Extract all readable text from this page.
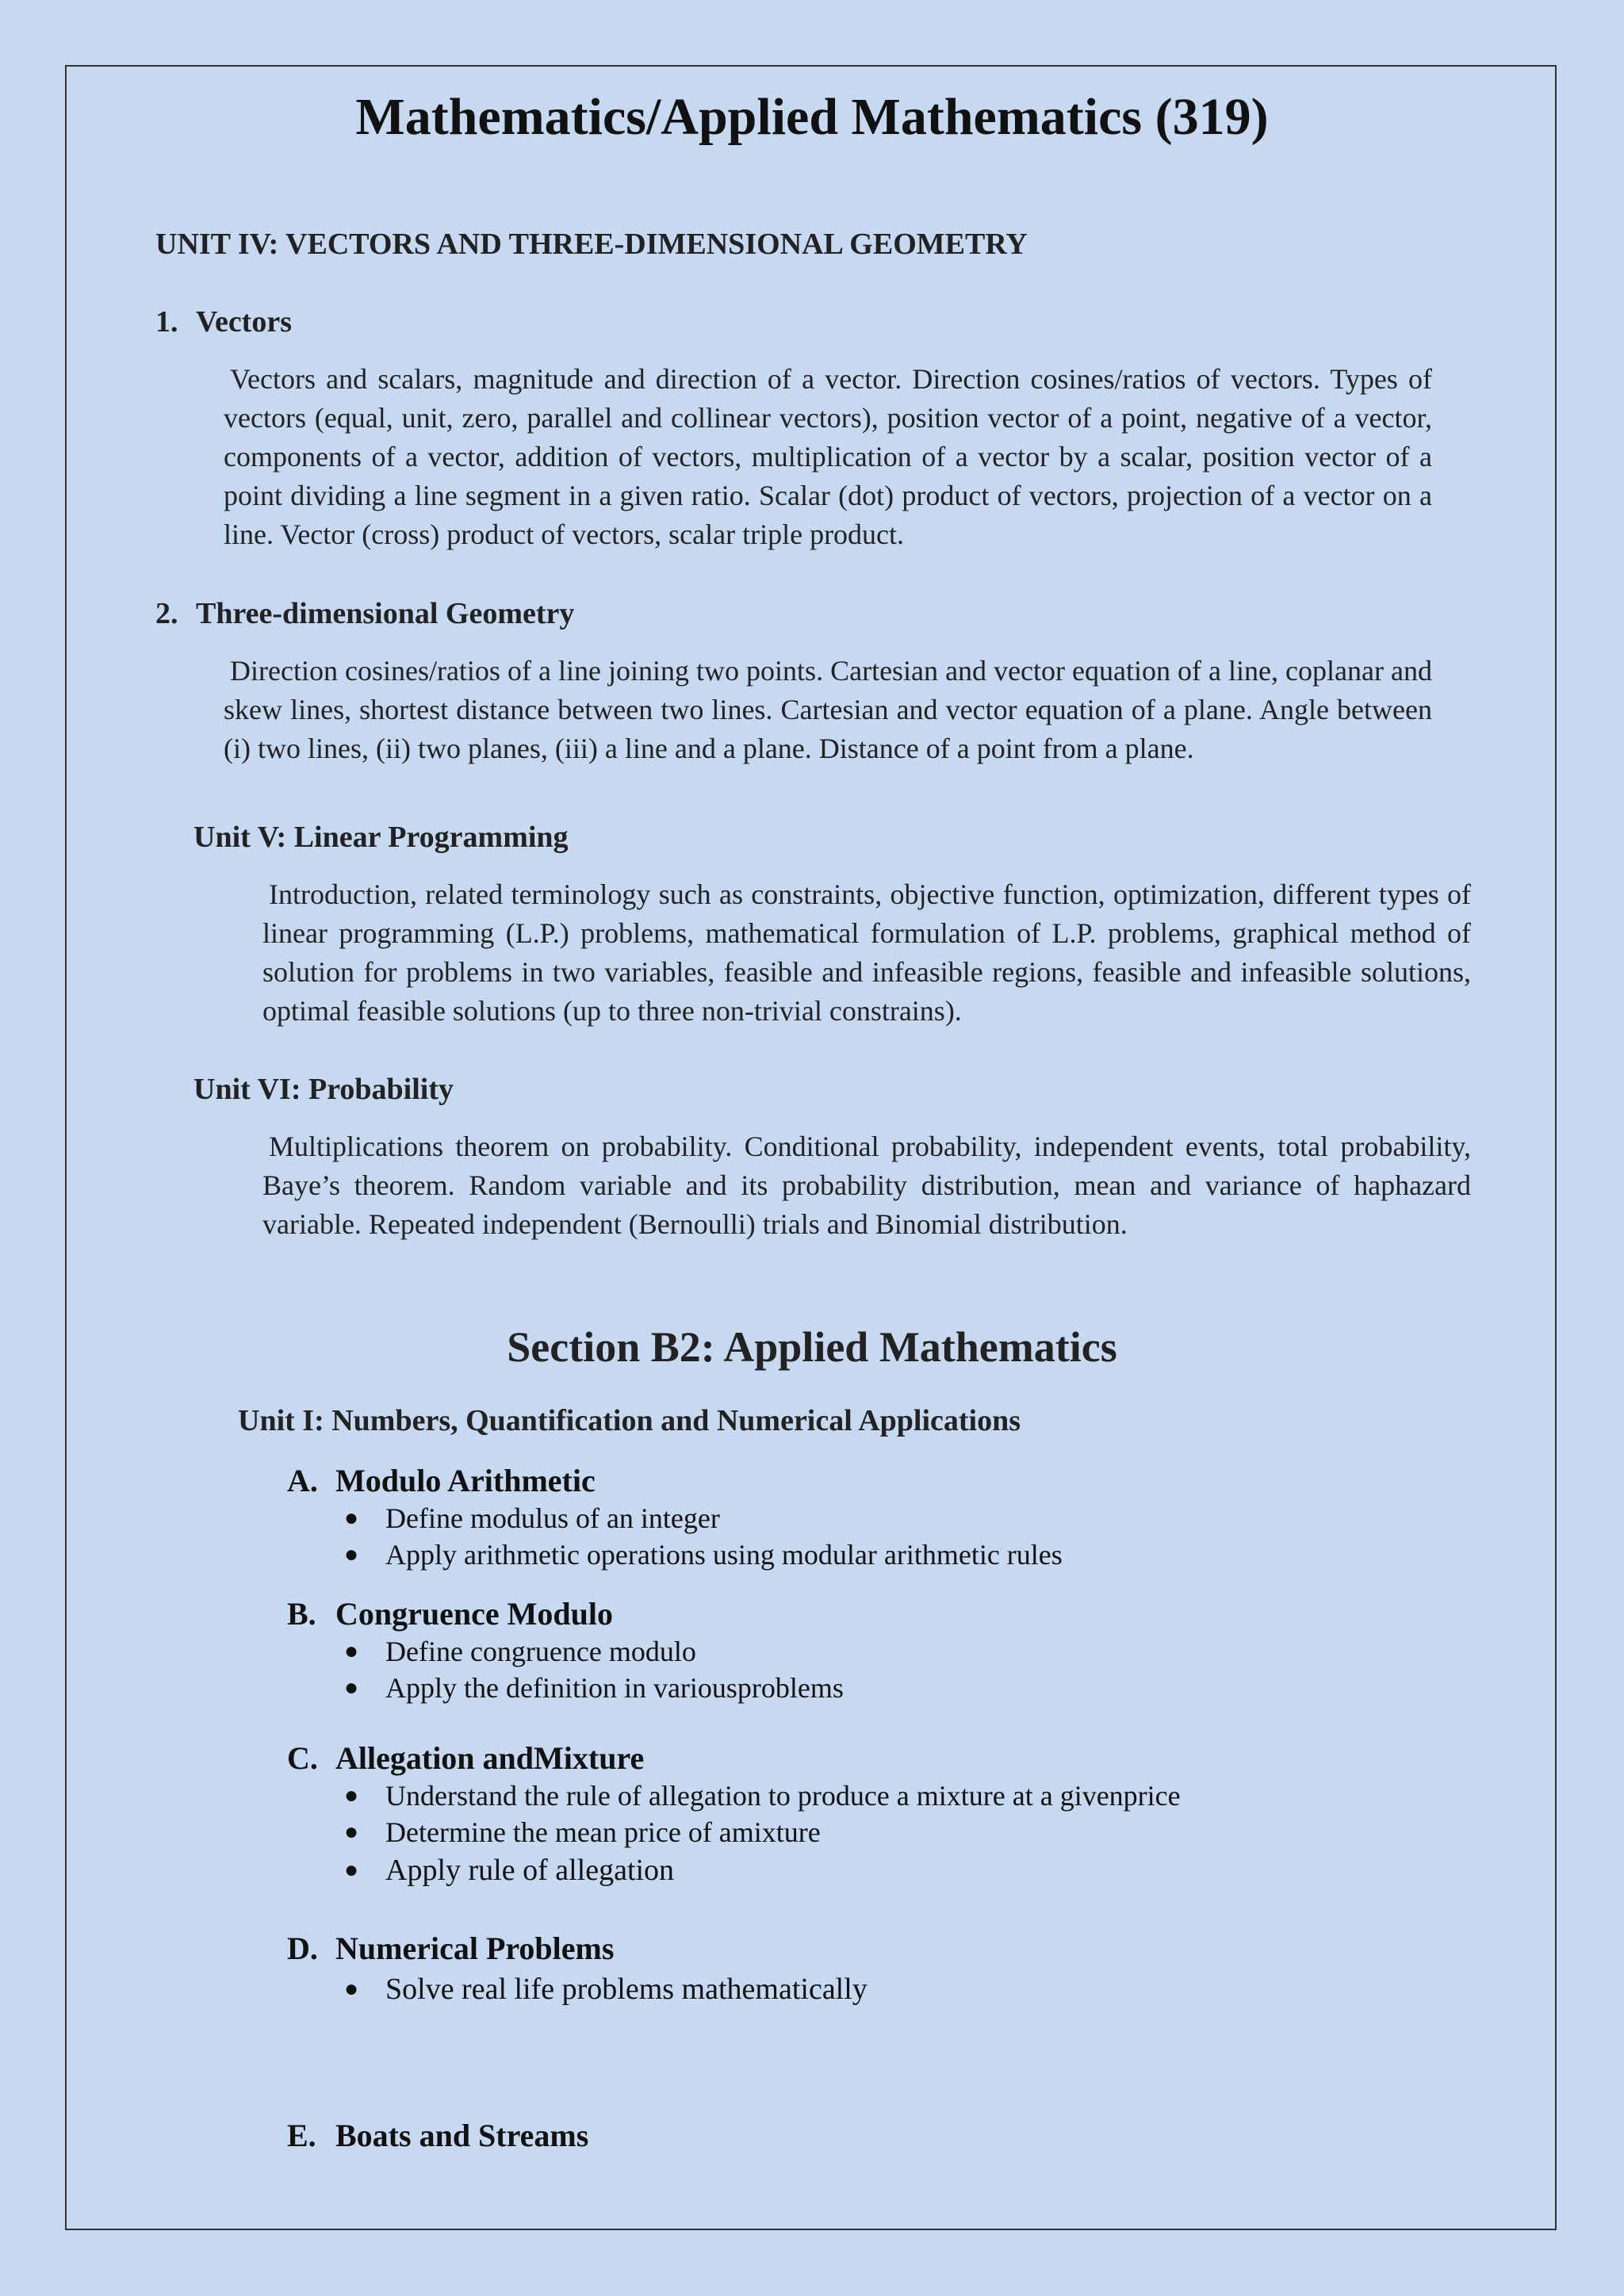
Mathematics/Applied Mathematics (319)
UNIT IV: VECTORS AND THREE-DIMENSIONAL GEOMETRY
1. Vectors

Vectors and scalars, magnitude and direction of a vector. Direction cosines/ratios of vectors. Types of vectors (equal, unit, zero, parallel and collinear vectors), position vector of a point, negative of a vector, components of a vector, addition of vectors, multiplication of a vector by a scalar, position vector of a point dividing a line segment in a given ratio. Scalar (dot) product of vectors, projection of a vector on a line. Vector (cross) product of vectors, scalar triple product.

2. Three-dimensional Geometry

Direction cosines/ratios of a line joining two points. Cartesian and vector equation of a line, coplanar and skew lines, shortest distance between two lines. Cartesian and vector equation of a plane. Angle between (i) two lines, (ii) two planes, (iii) a line and a plane. Distance of a point from a plane.

Unit V: Linear Programming

Introduction, related terminology such as constraints, objective function, optimization, different types of linear programming (L.P.) problems, mathematical formulation of L.P. problems, graphical method of solution for problems in two variables, feasible and infeasible regions, feasible and infeasible solutions, optimal feasible solutions (up to three non-trivial constrains).

Unit VI: Probability

Multiplications theorem on probability. Conditional probability, independent events, total probability, Baye’s theorem. Random variable and its probability distribution, mean and variance of haphazard variable. Repeated independent (Bernoulli) trials and Binomial distribution.

Section B2: Applied Mathematics
Unit I: Numbers, Quantification and Numerical Applications
A. Modulo Arithmetic
● Define modulus of an integer
● Apply arithmetic operations using modular arithmetic rules
B. Congruence Modulo
● Define congruence modulo
● Apply the definition in variousproblems
C. Allegation andMixture
● Understand the rule of allegation to produce a mixture at a givenprice
● Determine the mean price of amixture
● Apply rule of allegation
D. Numerical Problems
● Solve real life problems mathematically
E. Boats and Streams
